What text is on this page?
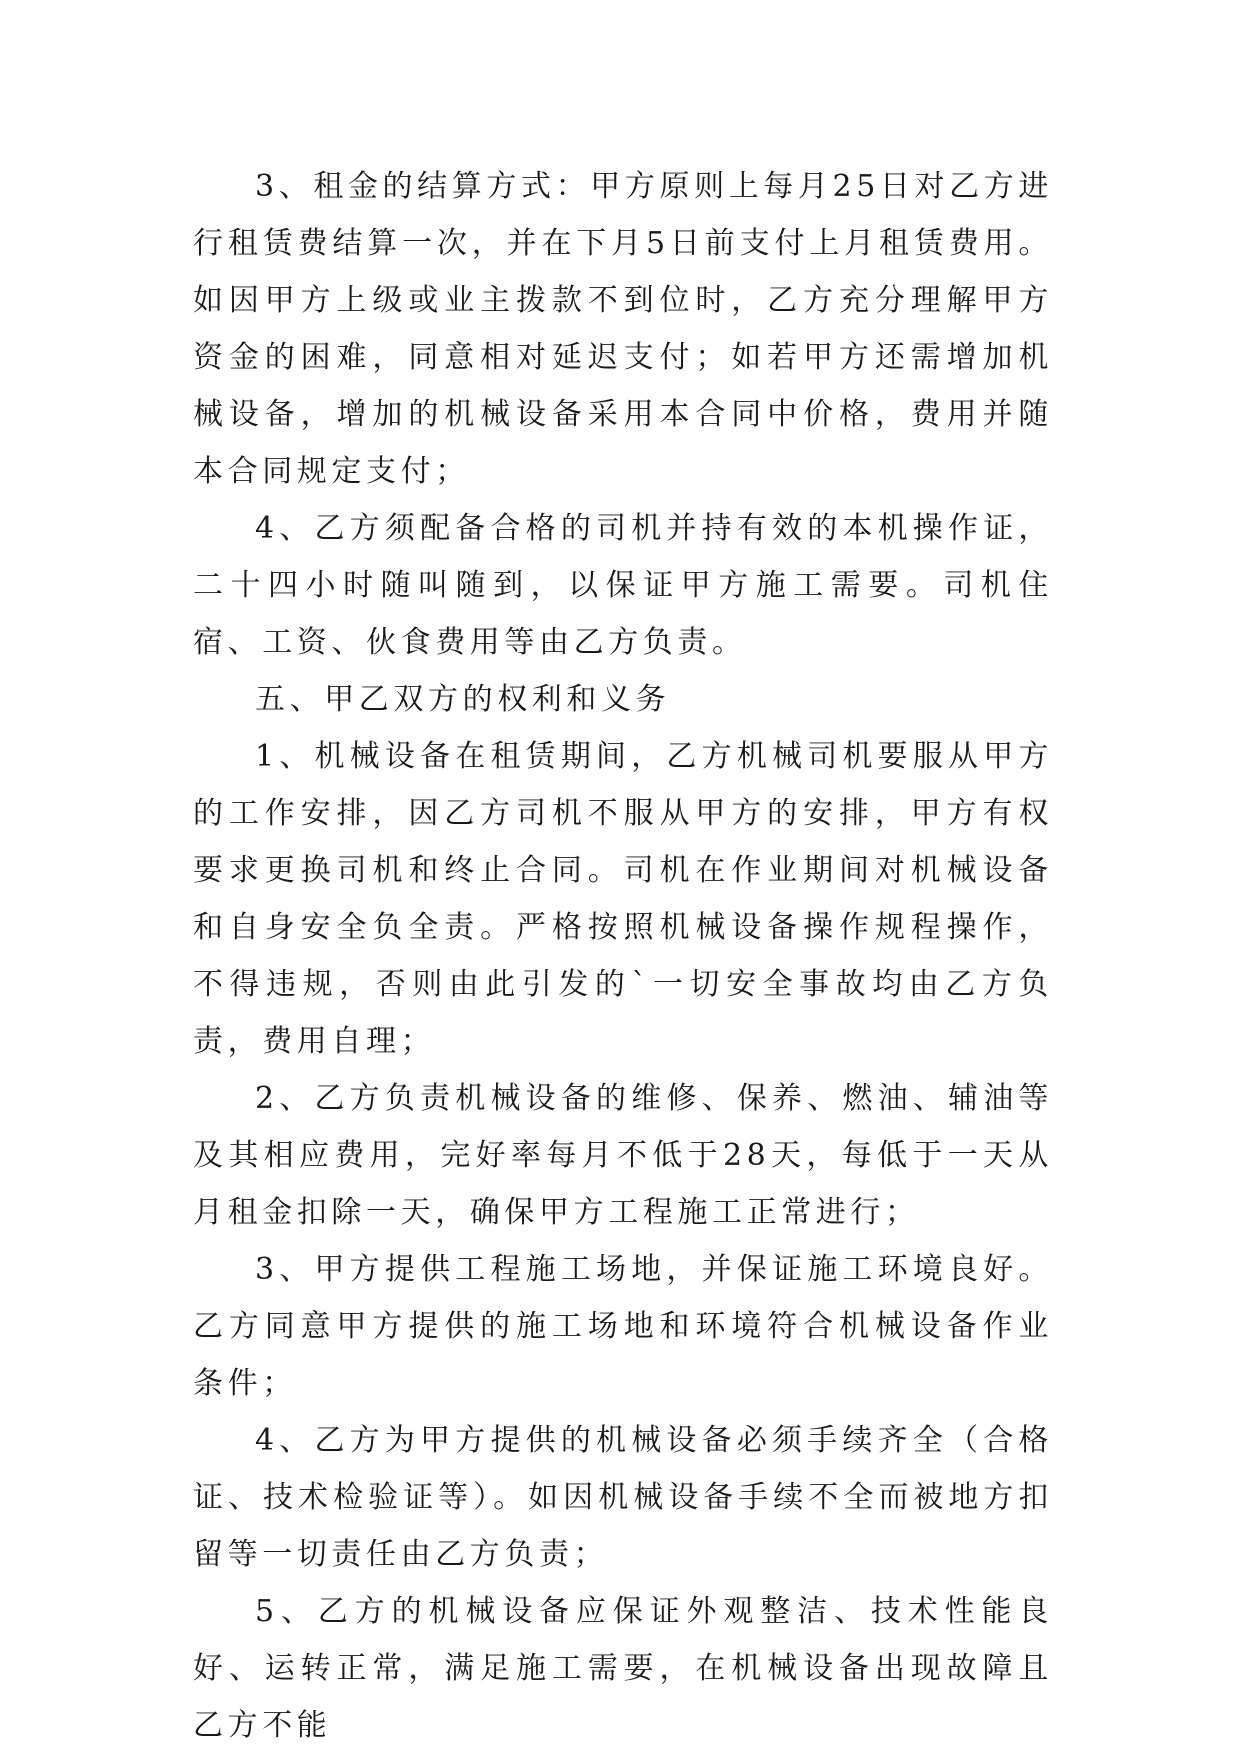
3、租金的结算方式：甲方原则上每月25日对乙方进行租赁费结算一次，并在下月5日前支付上月租赁费用。如因甲方上级或业主拨款不到位时，乙方充分理解甲方资金的困难，同意相对延迟支付；如若甲方还需增加机械设备，增加的机械设备采用本合同中价格，费用并随本合同规定支付；

4、乙方须配备合格的司机并持有效的本机操作证，二十四小时随叫随到，以保证甲方施工需要。司机住宿、工资、伙食费用等由乙方负责。

五、甲乙双方的权利和义务

1、机械设备在租赁期间，乙方机械司机要服从甲方的工作安排，因乙方司机不服从甲方的安排，甲方有权要求更换司机和终止合同。司机在作业期间对机械设备和自身安全负全责。严格按照机械设备操作规程操作，不得违规，否则由此引发的`一切安全事故均由乙方负责，费用自理；

2、乙方负责机械设备的维修、保养、燃油、辅油等及其相应费用，完好率每月不低于28天，每低于一天从月租金扣除一天，确保甲方工程施工正常进行；

3、甲方提供工程施工场地，并保证施工环境良好。乙方同意甲方提供的施工场地和环境符合机械设备作业条件；

4、乙方为甲方提供的机械设备必须手续齐全（合格证、技术检验证等）。如因机械设备手续不全而被地方扣留等一切责任由乙方负责；

5、乙方的机械设备应保证外观整洁、技术性能良好、运转正常，满足施工需要，在机械设备出现故障且乙方不能
